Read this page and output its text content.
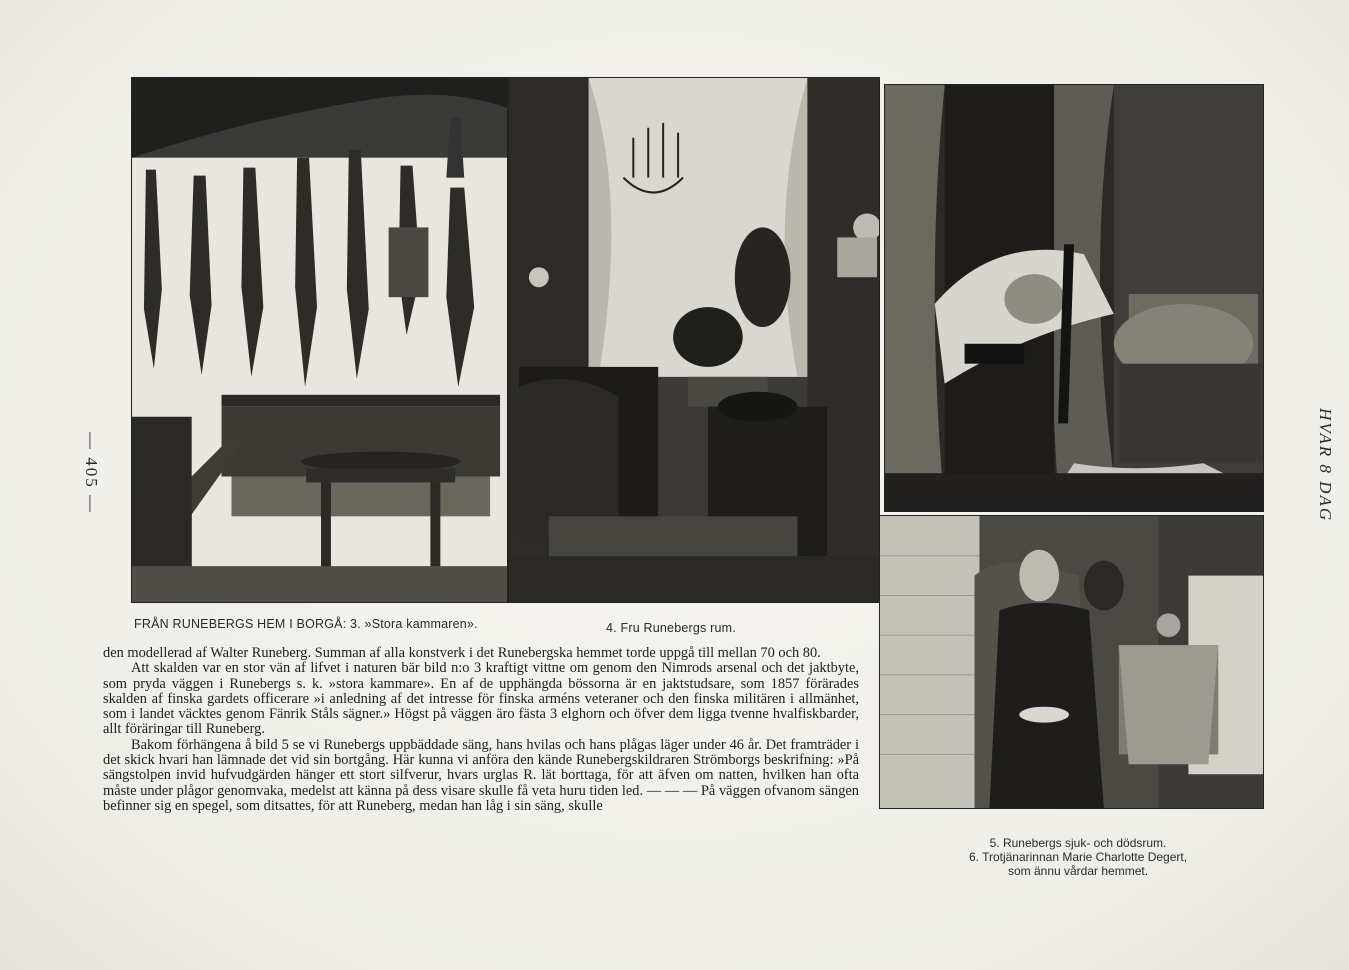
FRÅN RUNEBERGS HEM I BORGÅ: 3. »Stora kammaren».	4. Fru Runebergs rum.
5. Runebergs sjuk- och dödsrum.
6. Trotjänarinnan Marie Charlotte Degert,
som ännu vårdar hemmet.

den modellerad af Walter Runeberg. Summan af alla konstverk i det Runebergska hemmet torde uppgå till mellan 70 och 80.

Att skalden var en stor vän af lifvet i naturen bär bild n:o 3 kraftigt vittne om genom den Nimrods arsenal och det jaktbyte, som pryda väggen i Runebergs s. k. »stora kammare». En af de upphängda bössorna är en jaktstudsare, som 1857 förärades skalden af finska gardets officerare »i anledning af det intresse för finska arméns veteraner och den finska militären i allmänhet, som i landet väcktes genom Fänrik Ståls sägner.» Högst på väggen äro fästa 3 elghorn och öfver dem ligga tvenne hvalfiskbarder, allt föräringar till Runeberg.

Bakom förhängena å bild 5 se vi Runebergs uppbäddade säng, hans hvilas och hans plågas läger under 46 år. Det framträder i det skick hvari han lämnade det vid sin bortgång. Här kunna vi anföra den kände Runebergskildraren Strömborgs beskrifning: »På sängstolpen invid hufvudgärden hänger ett stort silfverur, hvars urglas R. lät borttaga, för att äfven om natten, hvilken han ofta måste under plågor genomvaka, medelst att känna på dess visare skulle få veta huru tiden led. — — — På väggen ofvanom sängen befinner sig en spegel, som ditsattes, för att Runeberg, medan han låg i sin säng, skulle

HVAR 8 DAG
— 405 —
